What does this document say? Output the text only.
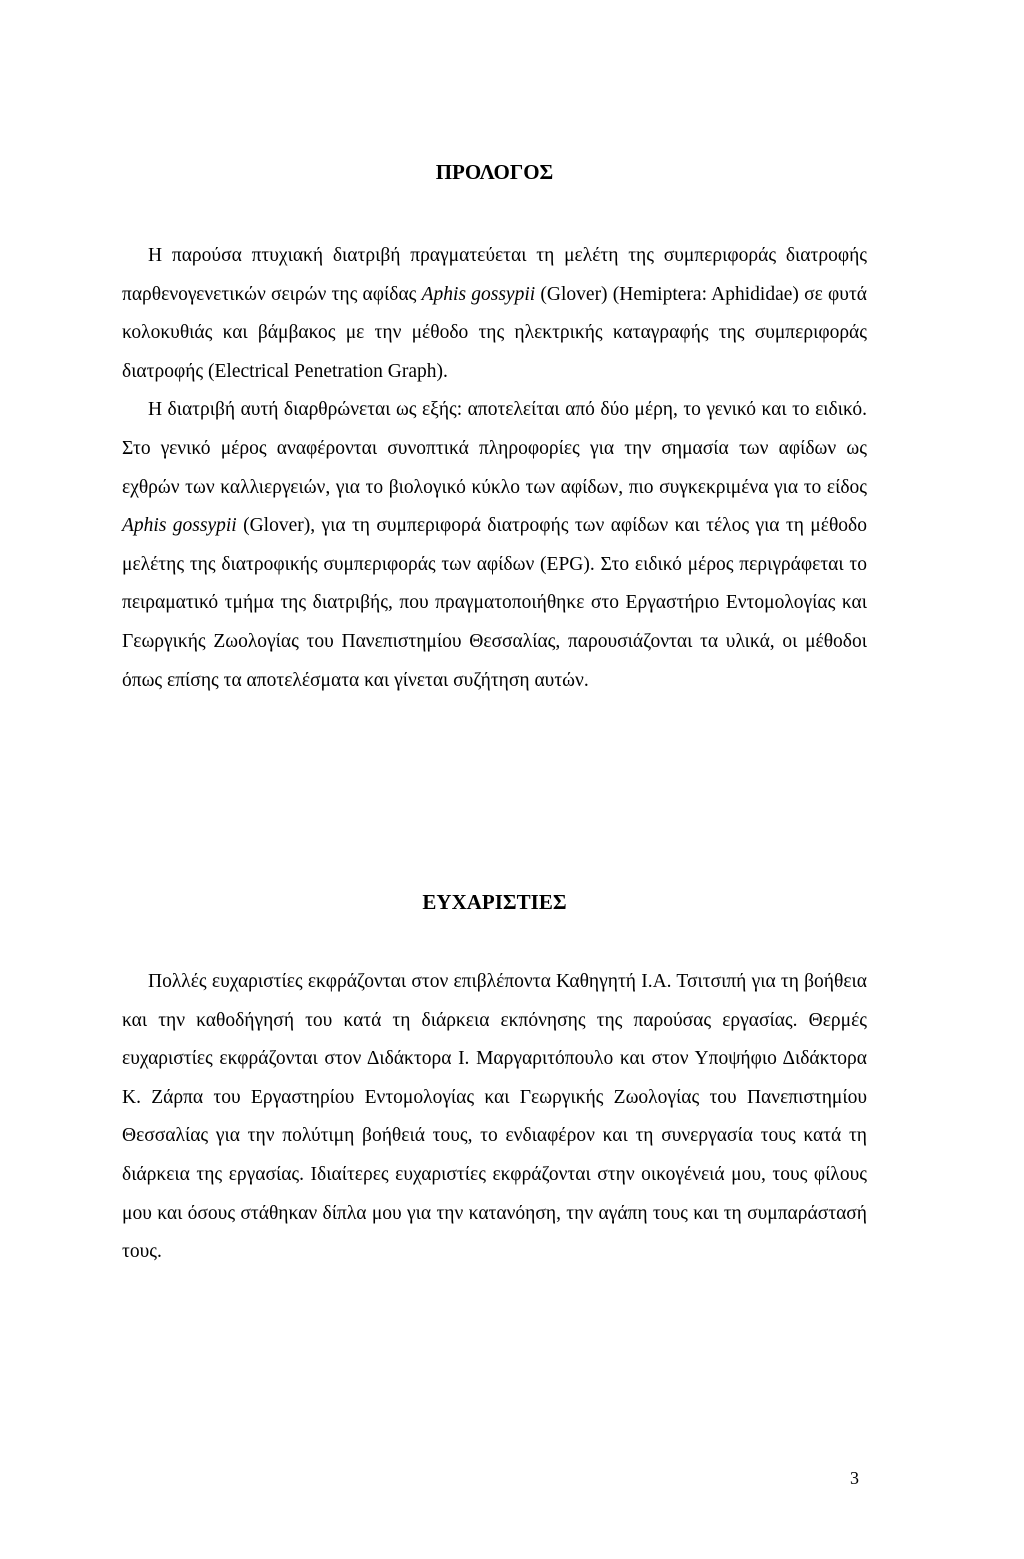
ΠΡΟΛΟΓΟΣ

Η παρούσα πτυχιακή διατριβή πραγματεύεται τη μελέτη της συμπεριφοράς διατροφής παρθενογενετικών σειρών της αφίδας Aphis gossypii (Glover) (Hemiptera: Aphididae) σε φυτά κολοκυθιάς και βάμβακος με την μέθοδο της ηλεκτρικής καταγραφής της συμπεριφοράς διατροφής (Electrical Penetration Graph).

Η διατριβή αυτή διαρθρώνεται ως εξής: αποτελείται από δύο μέρη, το γενικό και το ειδικό. Στο γενικό μέρος αναφέρονται συνοπτικά πληροφορίες για την σημασία των αφίδων ως εχθρών των καλλιεργειών, για το βιολογικό κύκλο των αφίδων, πιο συγκεκριμένα για το είδος Aphis gossypii (Glover), για τη συμπεριφορά διατροφής των αφίδων και τέλος για τη μέθοδο μελέτης της διατροφικής συμπεριφοράς των αφίδων (EPG). Στο ειδικό μέρος περιγράφεται το πειραματικό τμήμα της διατριβής, που πραγματοποιήθηκε στο Εργαστήριο Εντομολογίας και Γεωργικής Ζωολογίας του Πανεπιστημίου Θεσσαλίας, παρουσιάζονται τα υλικά, οι μέθοδοι όπως επίσης τα αποτελέσματα και γίνεται συζήτηση αυτών.

ΕΥΧΑΡΙΣΤΙΕΣ

Πολλές ευχαριστίες εκφράζονται στον επιβλέποντα Καθηγητή Ι.Α. Τσιτσιπή για τη βοήθεια και την καθοδήγησή του κατά τη διάρκεια εκπόνησης της παρούσας εργασίας. Θερμές ευχαριστίες εκφράζονται στον Διδάκτορα Ι. Μαργαριτόπουλο και στον Υποψήφιο Διδάκτορα Κ. Ζάρπα του Εργαστηρίου Εντομολογίας και Γεωργικής Ζωολογίας του Πανεπιστημίου Θεσσαλίας για την πολύτιμη βοήθειά τους, το ενδιαφέρον και τη συνεργασία τους κατά τη διάρκεια της εργασίας. Ιδιαίτερες ευχαριστίες εκφράζονται στην οικογένειά μου, τους φίλους μου και όσους στάθηκαν δίπλα μου για την κατανόηση, την αγάπη τους και τη συμπαράστασή τους.

3
